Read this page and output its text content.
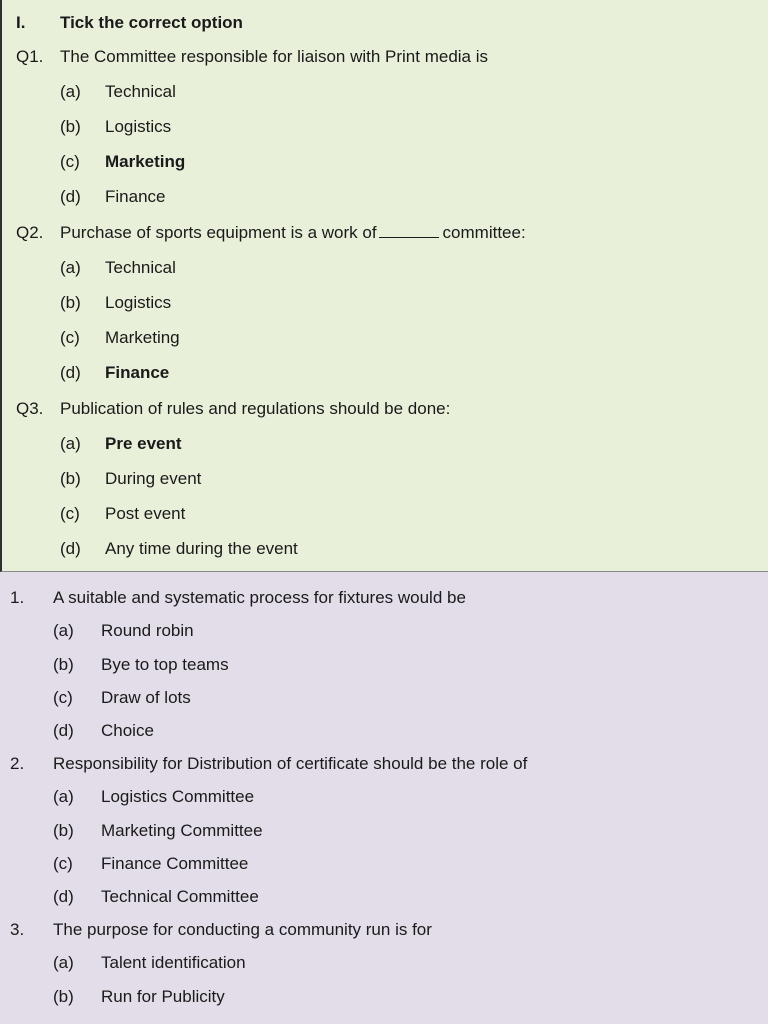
I. Tick the correct option
Q1. The Committee responsible for liaison with Print media is
(a) Technical
(b) Logistics
(c) Marketing
(d) Finance
Q2. Purchase of sports equipment is a work of	committee:
(a) Technical
(b) Logistics
(c) Marketing
(d) Finance
Q3. Publication of rules and regulations should be done:
(a) Pre event
(b) During event
(c) Post event
(d) Any time during the event
1. A suitable and systematic process for fixtures would be
(a) Round robin
(b) Bye to top teams
(c) Draw of lots
(d) Choice
2. Responsibility for Distribution of certificate should be the role of
(a) Logistics Committee
(b) Marketing Committee
(c) Finance Committee
(d) Technical Committee
3. The purpose for conducting a community run is for
(a) Talent identification
(b) Run for Publicity
